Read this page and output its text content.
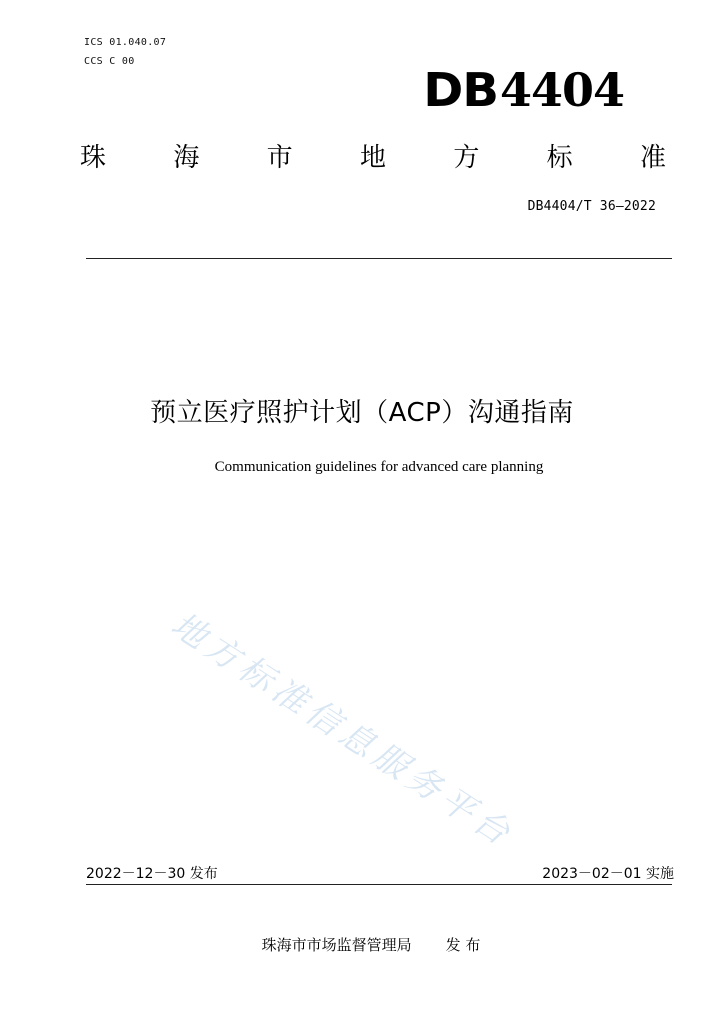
ICS 01.040.07
CCS C 00
DB4404
珠	海	市	地	方	标	准
DB4404/T 36—2022
预立医疗照护计划（ACP）沟通指南
Communication guidelines for advanced care planning
地方标准信息服务平台
2022－12－30 发布	2023－02－01 实施
珠海市市场监督管理局 发 布
